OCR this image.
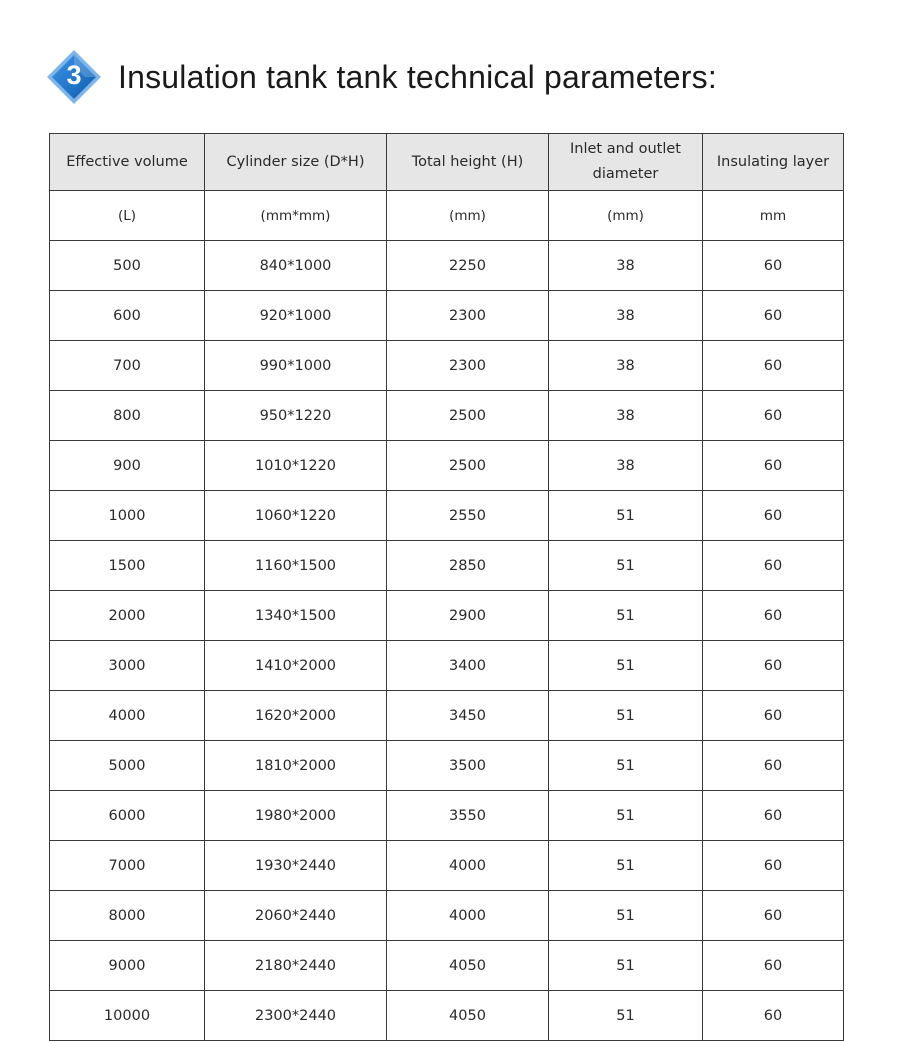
3	Insulation tank tank technical parameters:
Effective volume	Cylinder size (D*H)	Total height (H)	Inlet and outlet diameter	Insulating layer
(L)	(mm*mm)	(mm)	(mm)	mm
500	840*1000	2250	38	60
600	920*1000	2300	38	60
700	990*1000	2300	38	60
800	950*1220	2500	38	60
900	1010*1220	2500	38	60
1000	1060*1220	2550	51	60
1500	1160*1500	2850	51	60
2000	1340*1500	2900	51	60
3000	1410*2000	3400	51	60
4000	1620*2000	3450	51	60
5000	1810*2000	3500	51	60
6000	1980*2000	3550	51	60
7000	1930*2440	4000	51	60
8000	2060*2440	4000	51	60
9000	2180*2440	4050	51	60
10000	2300*2440	4050	51	60
